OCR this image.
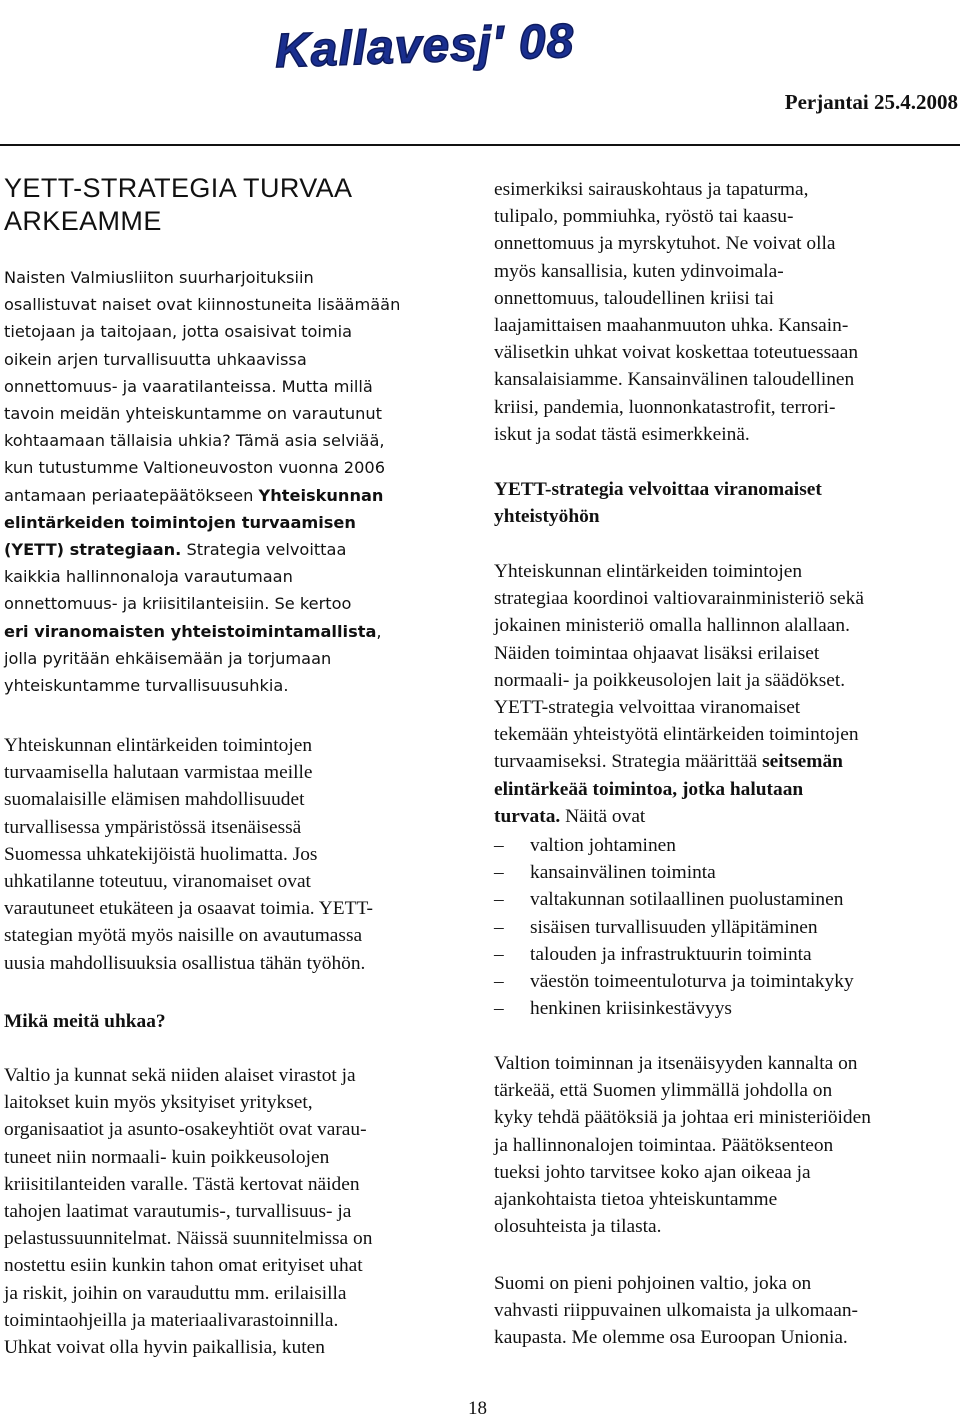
Kallavesj' 08
Perjantai 25.4.2008
YETT-STRATEGIA TURVAA
ARKEAMME
Naisten Valmiusliiton suurharjoituksiin
osallistuvat naiset ovat kiinnostuneita lisäämään
tietojaan ja taitojaan, jotta osaisivat toimia
oikein arjen turvallisuutta uhkaavissa
onnettomuus- ja vaaratilanteissa. Mutta millä
tavoin meidän yhteiskuntamme on varautunut
kohtaamaan tällaisia uhkia? Tämä asia selviää,
kun tutustumme Valtioneuvoston vuonna 2006
antamaan periaatepäätökseen Yhteiskunnan
elintärkeiden toimintojen turvaamisen
(YETT) strategiaan. Strategia velvoittaa
kaikkia hallinnonaloja varautumaan
onnettomuus- ja kriisitilanteisiin. Se kertoo
eri viranomaisten yhteistoimintamallista,
jolla pyritään ehkäisemään ja torjumaan
yhteiskuntamme turvallisuusuhkia.
Yhteiskunnan elintärkeiden toimintojen
turvaamisella halutaan varmistaa meille
suomalaisille elämisen mahdollisuudet
turvallisessa ympäristössä itsenäisessä
Suomessa uhkatekijöistä huolimatta. Jos
uhkatilanne toteutuu, viranomaiset ovat
varautuneet etukäteen ja osaavat toimia. YETT-
stategian myötä myös naisille on avautumassa
uusia mahdollisuuksia osallistua tähän työhön.
Mikä meitä uhkaa?
Valtio ja kunnat sekä niiden alaiset virastot ja
laitokset kuin myös yksityiset yritykset,
organisaatiot ja asunto-osakeyhtiöt ovat varau-
tuneet niin normaali- kuin poikkeusolojen
kriisitilanteiden varalle. Tästä kertovat näiden
tahojen laatimat varautumis-, turvallisuus- ja
pelastussuunnitelmat. Näissä suunnitelmissa on
nostettu esiin kunkin tahon omat erityiset uhat
ja riskit, joihin on varauduttu mm. erilaisilla
toimintaohjeilla ja materiaalivarastoinnilla.
Uhkat voivat olla hyvin paikallisia, kuten
esimerkiksi sairauskohtaus ja tapaturma,
tulipalo, pommiuhka, ryöstö tai kaasu-
onnettomuus ja myrskytuhot. Ne voivat olla
myös kansallisia, kuten ydinvoimala-
onnettomuus, taloudellinen kriisi tai
laajamittaisen maahanmuuton uhka. Kansain-
välisetkin uhkat voivat koskettaa toteutuessaan
kansalaisiamme. Kansainvälinen taloudellinen
kriisi, pandemia, luonnonkatastrofit, terrori-
iskut ja sodat tästä esimerkkeinä.
YETT-strategia velvoittaa viranomaiset
yhteistyöhön
Yhteiskunnan elintärkeiden toimintojen
strategiaa koordinoi valtiovarainministeriö sekä
jokainen ministeriö omalla hallinnon alallaan.
Näiden toimintaa ohjaavat lisäksi erilaiset
normaali- ja poikkeusolojen lait ja säädökset.
YETT-strategia velvoittaa viranomaiset
tekemään yhteistyötä elintärkeiden toimintojen
turvaamiseksi. Strategia määrittää seitsemän
elintärkeää toimintoa, jotka halutaan
turvata. Näitä ovat
–	valtion johtaminen
–	kansainvälinen toiminta
–	valtakunnan sotilaallinen puolustaminen
–	sisäisen turvallisuuden ylläpitäminen
–	talouden ja infrastruktuurin toiminta
–	väestön toimeentuloturva ja toimintakyky
–	henkinen kriisinkestävyys
Valtion toiminnan ja itsenäisyyden kannalta on
tärkeää, että Suomen ylimmällä johdolla on
kyky tehdä päätöksiä ja johtaa eri ministeriöiden
ja hallinnonalojen toimintaa. Päätöksenteon
tueksi johto tarvitsee koko ajan oikeaa ja
ajankohtaista tietoa yhteiskuntamme
olosuhteista ja tilasta.
Suomi on pieni pohjoinen valtio, joka on
vahvasti riippuvainen ulkomaista ja ulkomaan-
kaupasta. Me olemme osa Euroopan Unionia.
18
